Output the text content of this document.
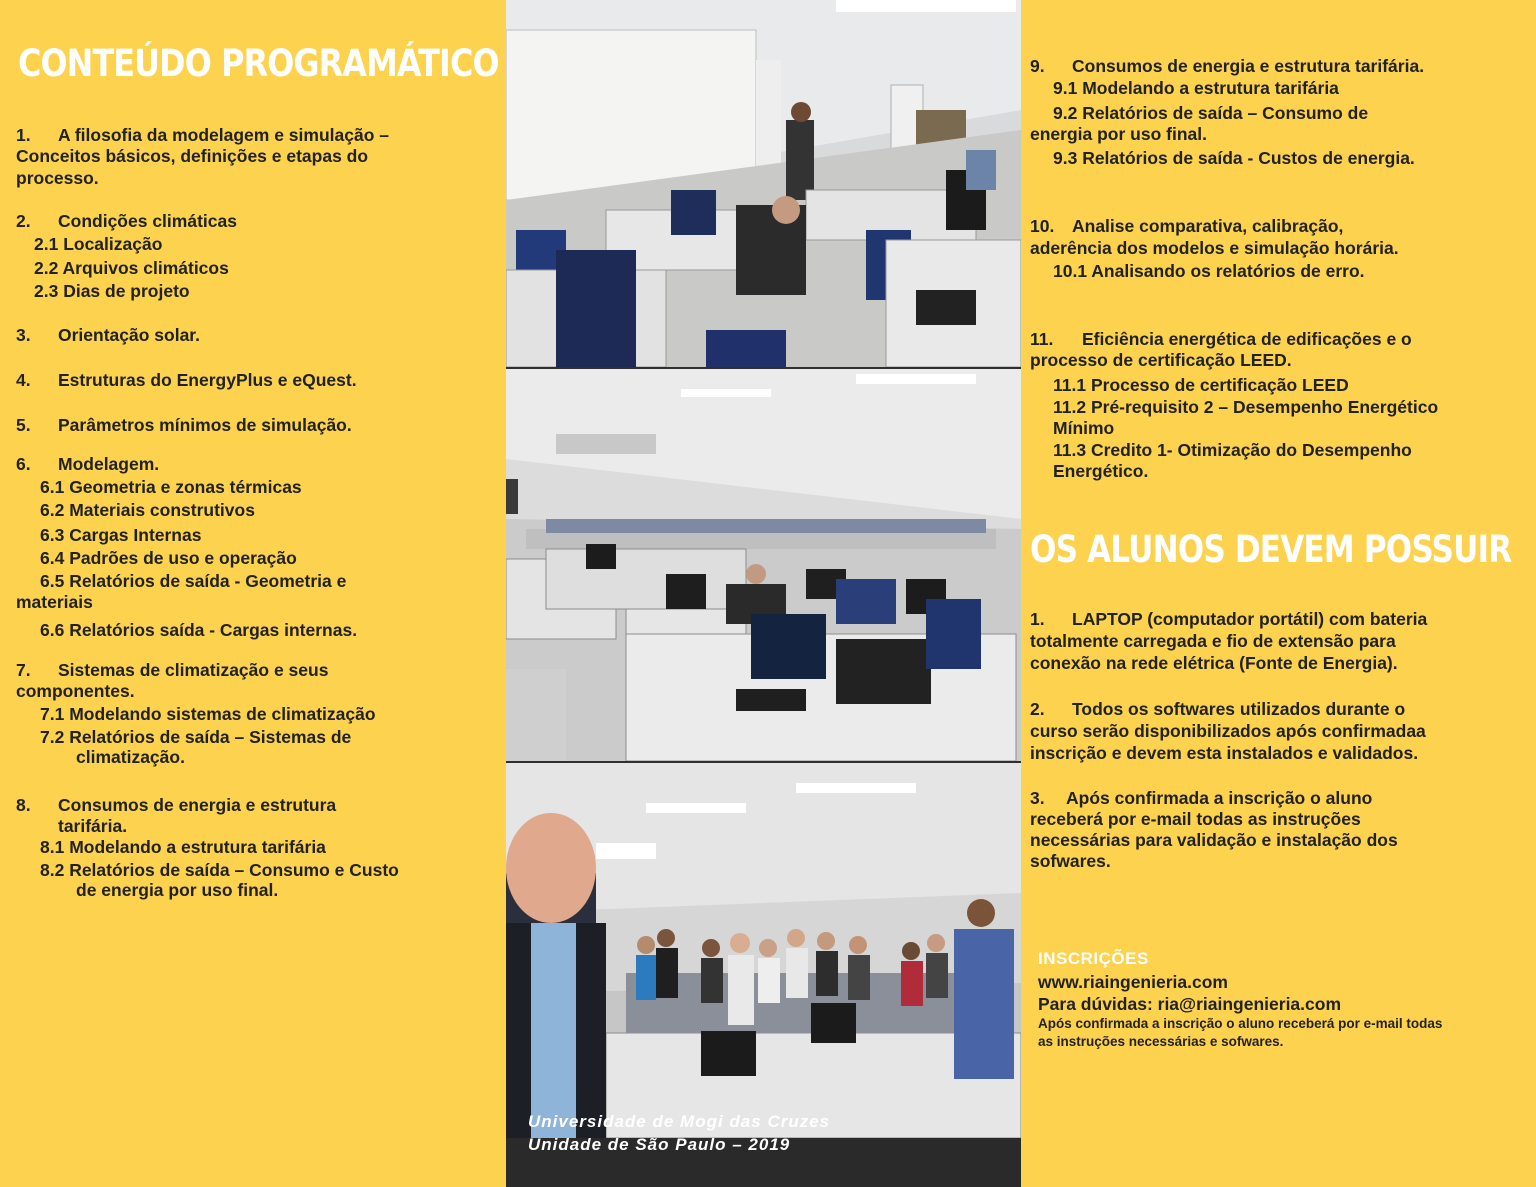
CONTEÚDO PROGRAMÁTICO

1. A filosofia da modelagem e simulação –

Conceitos básicos, definições e etapas do

processo.

2. Condições climáticas

2.1 Localização

2.2 Arquivos climáticos

2.3 Dias de projeto

3. Orientação solar.

4. Estruturas do EnergyPlus e eQuest.

5. Parâmetros mínimos de simulação.

6. Modelagem.

6.1 Geometria e zonas térmicas

6.2 Materiais construtivos

6.3 Cargas Internas

6.4 Padrões de uso e operação

6.5 Relatórios de saída - Geometria e

materiais

6.6 Relatórios saída - Cargas internas.

7. Sistemas de climatização e seus

componentes.

7.1 Modelando sistemas de climatização

7.2 Relatórios de saída – Sistemas de

climatização.

8. Consumos de energia e estrutura

tarifária.

8.1 Modelando a estrutura tarifária

8.2 Relatórios de saída – Consumo e Custo

de energia por uso final.

Universidade de Mogi das Cruzes

Unidade de São Paulo – 2019

9. Consumos de energia e estrutura tarifária.

9.1 Modelando a estrutura tarifária

9.2 Relatórios de saída – Consumo de

energia por uso final.

9.3 Relatórios de saída - Custos de energia.

10. Analise comparativa, calibração,

aderência dos modelos e simulação horária.

10.1 Analisando os relatórios de erro.

11. Eficiência energética de edificações e o

processo de certificação LEED.

11.1 Processo de certificação LEED

11.2 Pré-requisito 2 – Desempenho Energético

Mínimo

11.3 Credito 1- Otimização do Desempenho

Energético.

OS ALUNOS DEVEM POSSUIR

1. LAPTOP (computador portátil) com bateria

totalmente carregada e fio de extensão para

conexão na rede elétrica (Fonte de Energia).

2. Todos os softwares utilizados durante o

curso serão disponibilizados após confirmadaa

inscrição e devem esta instalados e validados.

3. Após confirmada a inscrição o aluno

receberá por e-mail todas as instruções

necessárias para validação e instalação dos

sofwares.

INSCRIÇÕES

www.riaingenieria.com

Para dúvidas: ria@riaingenieria.com

Após confirmada a inscrição o aluno receberá por e-mail todas

as instruções necessárias e sofwares.
